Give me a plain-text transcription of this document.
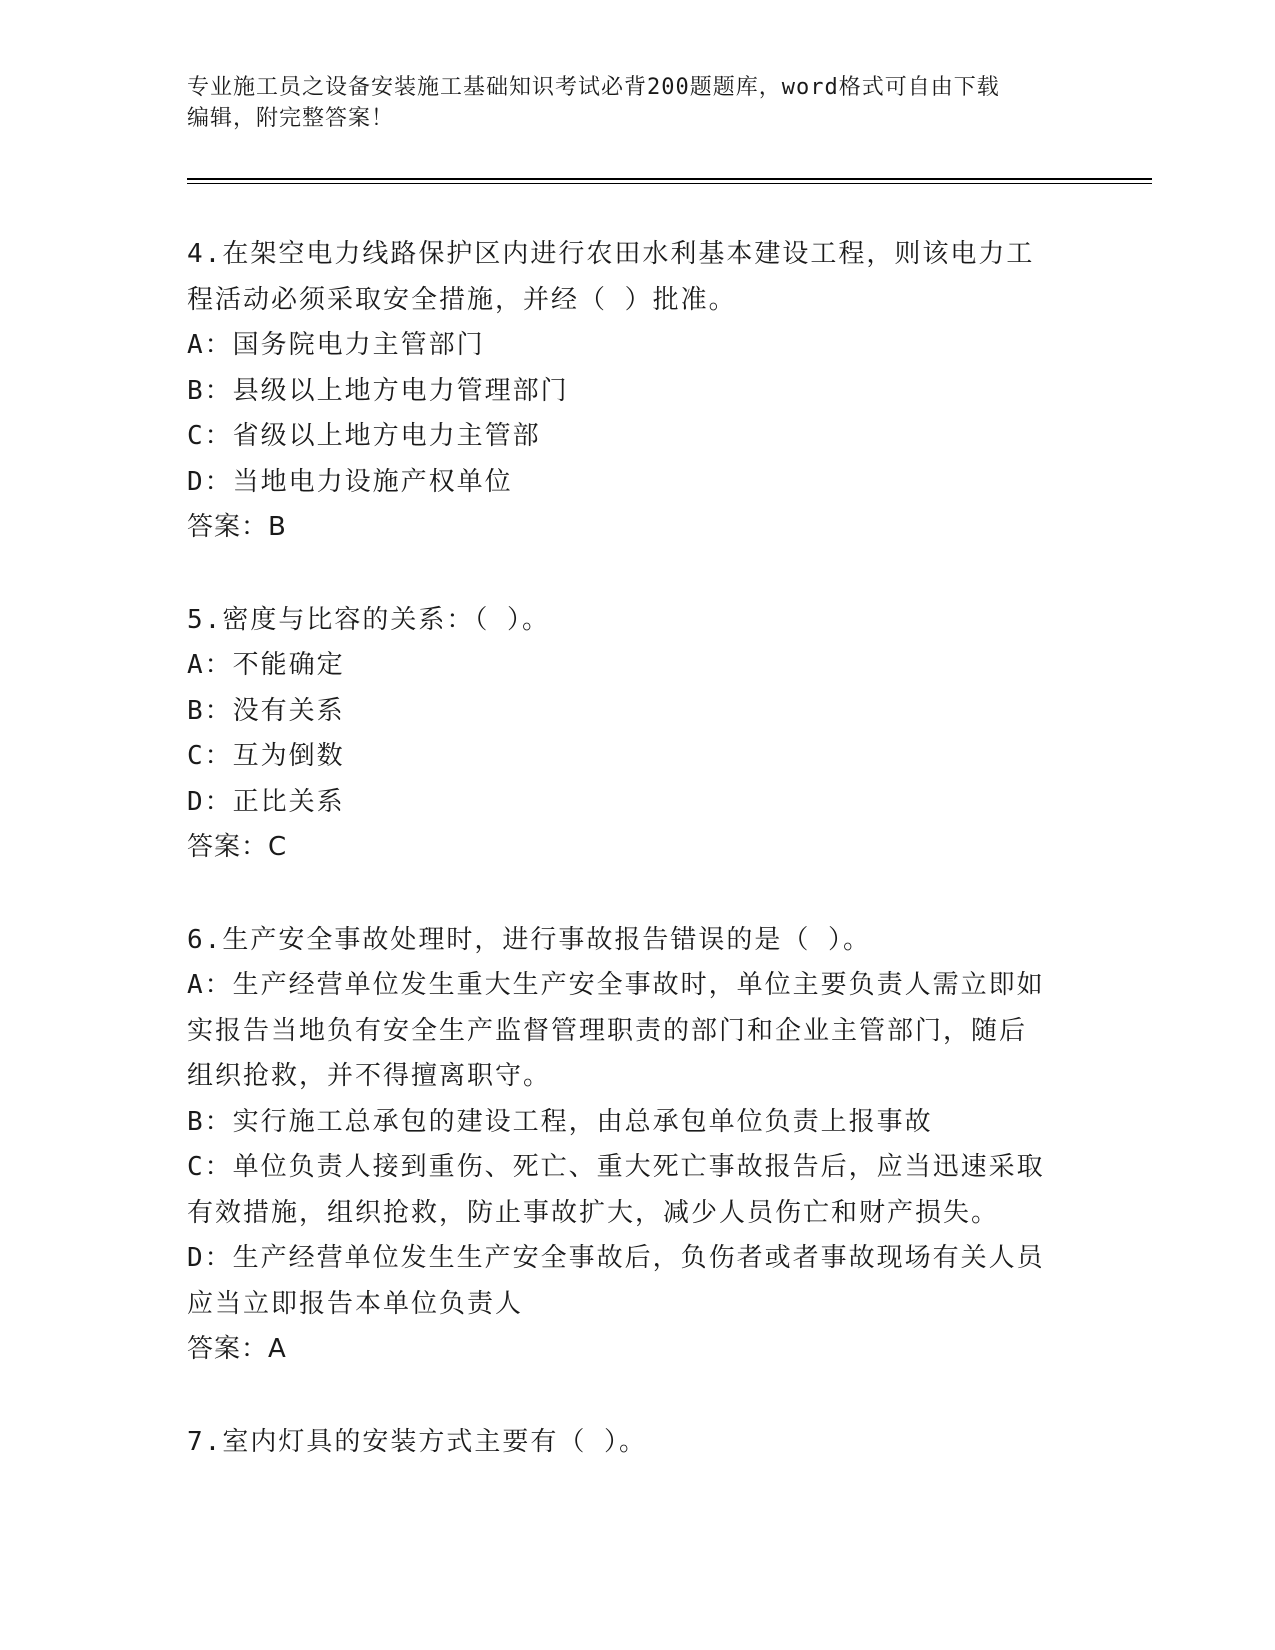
专业施工员之设备安装施工基础知识考试必背200题题库，word格式可自由下载
编辑，附完整答案！
4.在架空电力线路保护区内进行农田水利基本建设工程，则该电力工
程活动必须采取安全措施，并经（ ）批准。
A：国务院电力主管部门
B：县级以上地方电力管理部门
C：省级以上地方电力主管部
D：当地电力设施产权单位
答案：B
5.密度与比容的关系：（ ）。
A：不能确定
B：没有关系
C：互为倒数
D：正比关系
答案：C
6.生产安全事故处理时，进行事故报告错误的是（ ）。
A：生产经营单位发生重大生产安全事故时，单位主要负责人需立即如
实报告当地负有安全生产监督管理职责的部门和企业主管部门，随后
组织抢救，并不得擅离职守。
B：实行施工总承包的建设工程，由总承包单位负责上报事故
C：单位负责人接到重伤、死亡、重大死亡事故报告后，应当迅速采取
有效措施，组织抢救，防止事故扩大，减少人员伤亡和财产损失。
D：生产经营单位发生生产安全事故后，负伤者或者事故现场有关人员
应当立即报告本单位负责人
答案：A
7.室内灯具的安装方式主要有（ ）。
